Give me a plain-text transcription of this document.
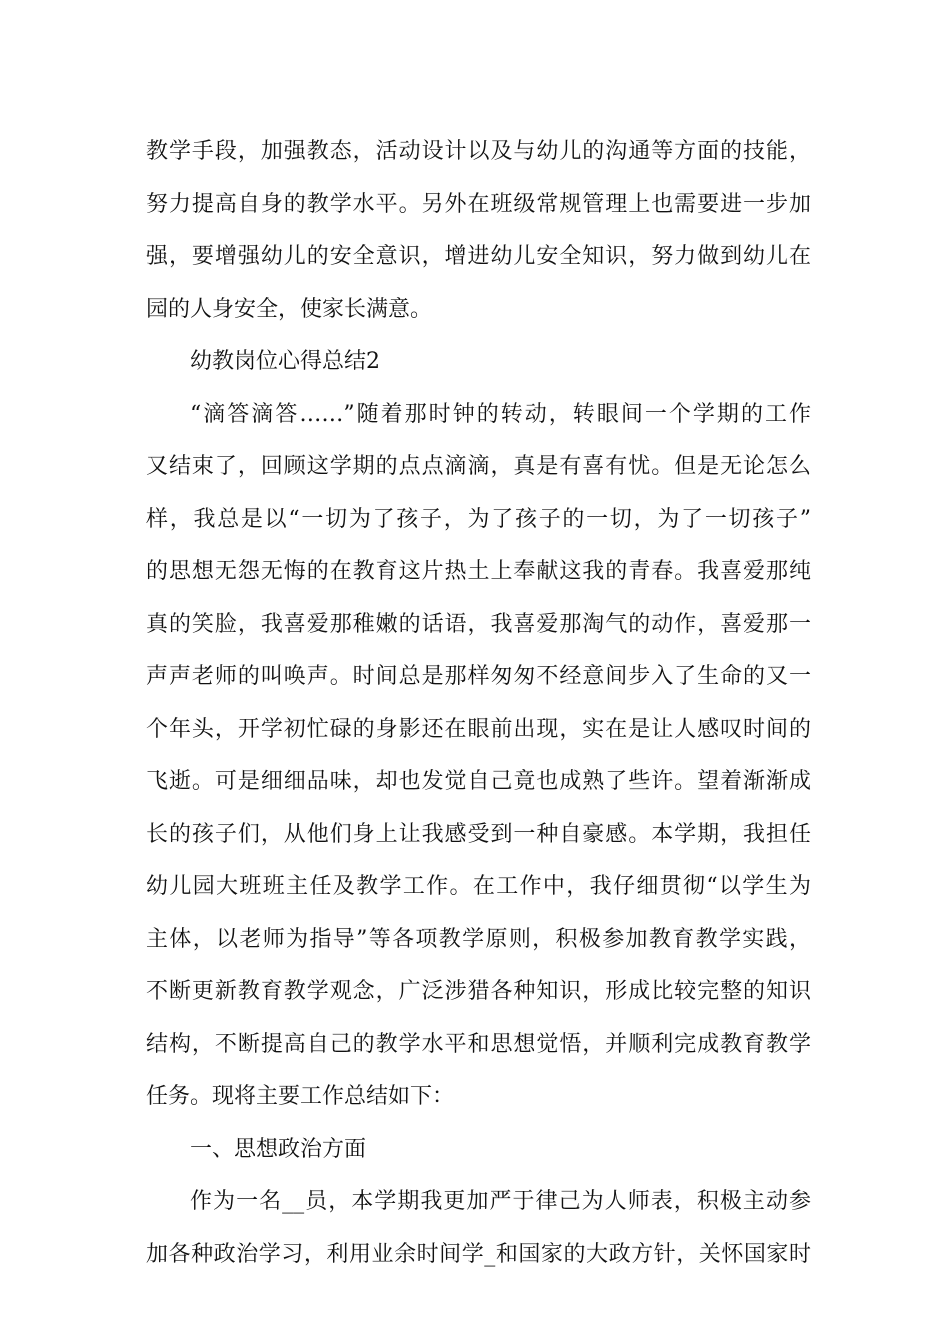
教学手段，加强教态，活动设计以及与幼儿的沟通等方面的技能，
努力提高自身的教学水平。另外在班级常规管理上也需要进一步加
强，要增强幼儿的安全意识，增进幼儿安全知识，努力做到幼儿在
园的人身安全，使家长满意。
幼教岗位心得总结2
“滴答滴答……”随着那时钟的转动，转眼间一个学期的工作
又结束了，回顾这学期的点点滴滴，真是有喜有忧。但是无论怎么
样，我总是以“一切为了孩子，为了孩子的一切，为了一切孩子”
的思想无怨无悔的在教育这片热土上奉献这我的青春。我喜爱那纯
真的笑脸，我喜爱那稚嫩的话语，我喜爱那淘气的动作，喜爱那一
声声老师的叫唤声。时间总是那样匆匆不经意间步入了生命的又一
个年头，开学初忙碌的身影还在眼前出现，实在是让人感叹时间的
飞逝。可是细细品味，却也发觉自己竟也成熟了些许。望着渐渐成
长的孩子们，从他们身上让我感受到一种自豪感。本学期，我担任
幼儿园大班班主任及教学工作。在工作中，我仔细贯彻“以学生为
主体，以老师为指导”等各项教学原则，积极参加教育教学实践，
不断更新教育教学观念，广泛涉猎各种知识，形成比较完整的知识
结构，不断提高自己的教学水平和思想觉悟，并顺利完成教育教学
任务。现将主要工作总结如下：
一、思想政治方面
作为一名__员，本学期我更加严于律己为人师表，积极主动参
加各种政治学习，利用业余时间学_和国家的大政方针，关怀国家时
